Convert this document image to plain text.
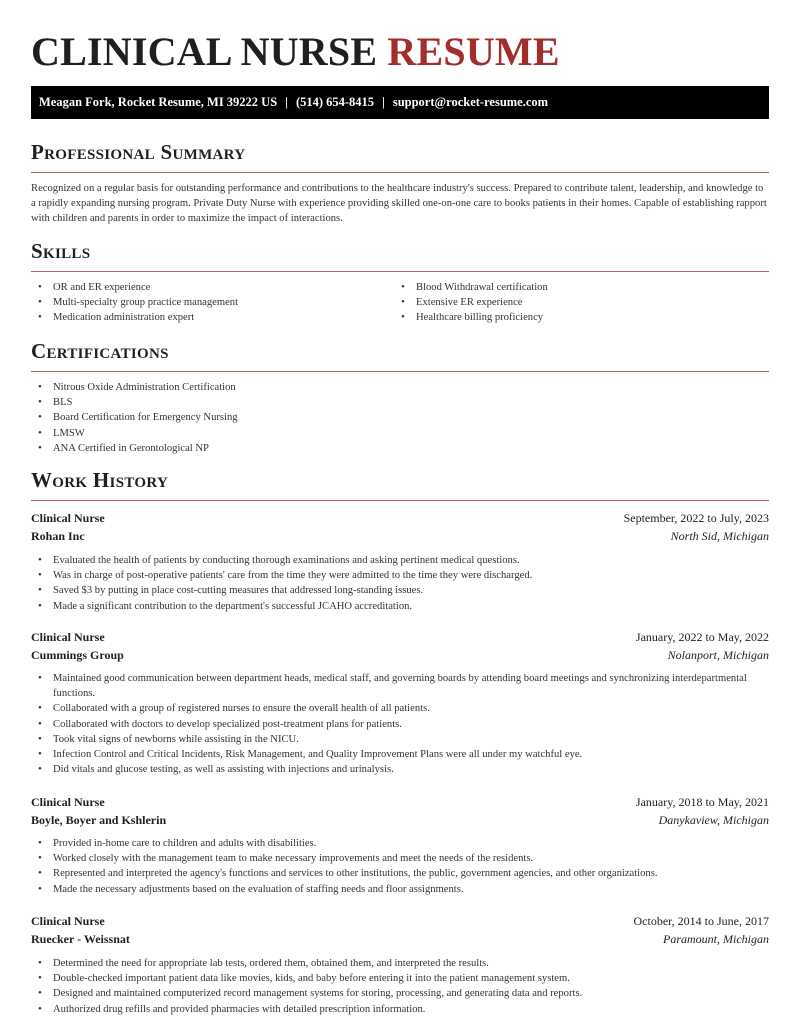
CLINICAL NURSE RESUME
Meagan Fork, Rocket Resume, MI 39222 US | (514) 654-8415 | support@rocket-resume.com
Professional Summary
Recognized on a regular basis for outstanding performance and contributions to the healthcare industry's success. Prepared to contribute talent, leadership, and knowledge to a rapidly expanding nursing program. Private Duty Nurse with experience providing skilled one-on-one care to books patients in their homes. Capable of establishing rapport with children and parents in order to maximize the impact of interactions.
Skills
• OR and ER experience
• Multi-specialty group practice management
• Medication administration expert
• Blood Withdrawal certification
• Extensive ER experience
• Healthcare billing proficiency
Certifications
• Nitrous Oxide Administration Certification
• BLS
• Board Certification for Emergency Nursing
• LMSW
• ANA Certified in Gerontological NP
Work History
Clinical Nurse	September, 2022 to July, 2023
Rohan Inc	North Sid, Michigan
• Evaluated the health of patients by conducting thorough examinations and asking pertinent medical questions.
• Was in charge of post-operative patients' care from the time they were admitted to the time they were discharged.
• Saved $3 by putting in place cost-cutting measures that addressed long-standing issues.
• Made a significant contribution to the department's successful JCAHO accreditation.
Clinical Nurse	January, 2022 to May, 2022
Cummings Group	Nolanport, Michigan
• Maintained good communication between department heads, medical staff, and governing boards by attending board meetings and synchronizing interdepartmental functions.
• Collaborated with a group of registered nurses to ensure the overall health of all patients.
• Collaborated with doctors to develop specialized post-treatment plans for patients.
• Took vital signs of newborns while assisting in the NICU.
• Infection Control and Critical Incidents, Risk Management, and Quality Improvement Plans were all under my watchful eye.
• Did vitals and glucose testing, as well as assisting with injections and urinalysis.
Clinical Nurse	January, 2018 to May, 2021
Boyle, Boyer and Kshlerin	Danykaview, Michigan
• Provided in-home care to children and adults with disabilities.
• Worked closely with the management team to make necessary improvements and meet the needs of the residents.
• Represented and interpreted the agency's functions and services to other institutions, the public, government agencies, and other organizations.
• Made the necessary adjustments based on the evaluation of staffing needs and floor assignments.
Clinical Nurse	October, 2014 to June, 2017
Ruecker - Weissnat	Paramount, Michigan
• Determined the need for appropriate lab tests, ordered them, obtained them, and interpreted the results.
• Double-checked important patient data like movies, kids, and baby before entering it into the patient management system.
• Designed and maintained computerized record management systems for storing, processing, and generating data and reports.
• Authorized drug refills and provided pharmacies with detailed prescription information.
